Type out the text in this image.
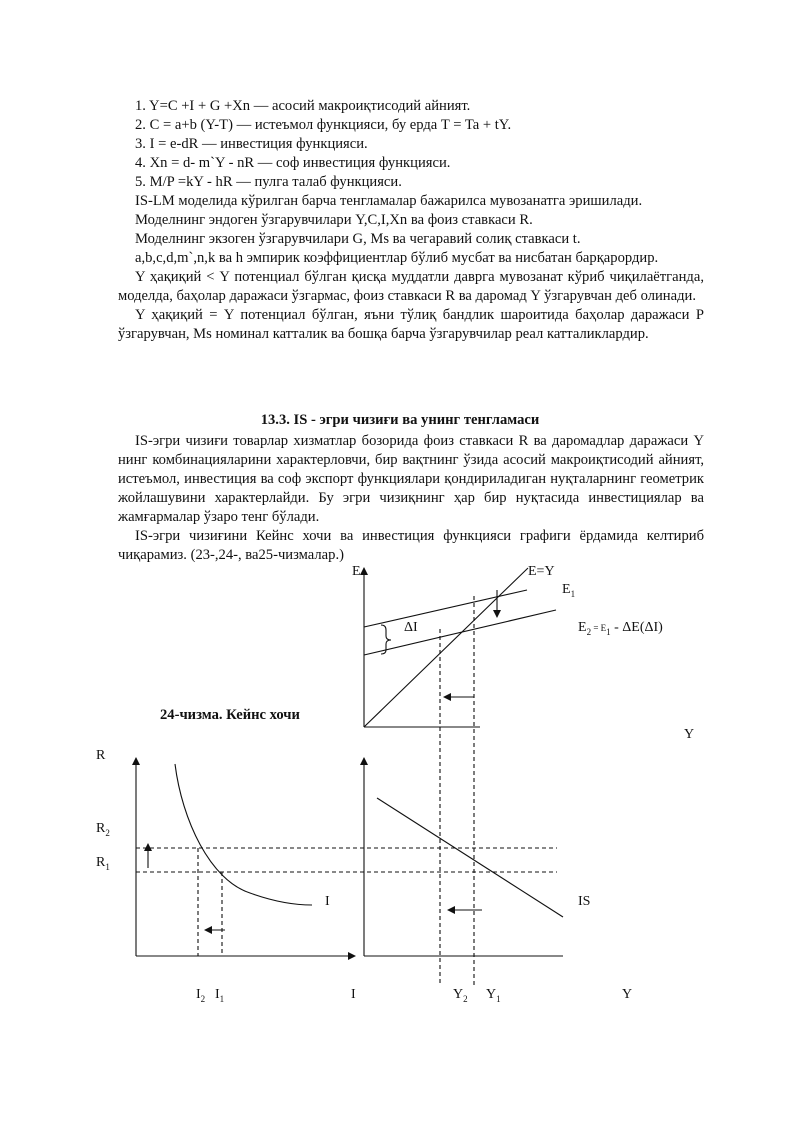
1. Y=C +I + G +Xn — асосий макроиқтисодий айният.

2. C = a+b (Y-T) — истеъмол функцияси, бу ерда T = Ta + tY.

3. I = e-dR — инвестиция функцияси.

4. Xn = d- m`Y - nR — соф инвестиция функцияси.

5. M/P =kY - hR — пулга талаб функцияси.

IS-LM моделида кўрилган барча тенгламалар бажарилса мувозанатга эришилади.

Моделнинг эндоген ўзгарувчилари Y,C,I,Xn ва фоиз ставкаси R.

Моделнинг экзоген ўзгарувчилари G, Ms ва чегаравий солиқ ставкаси t.

a,b,c,d,m`,n,k ва h эмпирик коэффициентлар бўлиб мусбат ва нисбатан барқарордир.

Y ҳақиқий < Y потенциал бўлган қисқа муддатли даврга мувозанат кўриб чиқилаётганда, моделда, баҳолар даражаси ўзгармас, фоиз ставкаси R ва даромад Y ўзгарувчан деб олинади.

Y ҳақиқий = Y потенциал бўлган, яъни тўлиқ бандлик шароитида баҳолар даражаси P ўзгарувчан, Ms номинал катталик ва бошқа барча ўзгарувчилар реал катталиклардир.

13.3. IS - эгри чизиғи ва унинг тенгламаси

IS-эгри чизиғи товарлар хизматлар бозорида фоиз ставкаси R ва даромадлар даражаси Y нинг комбинацияларини характерловчи, бир вақтнинг ўзида асосий макроиқтисодий айният, истеъмол, инвестиция ва соф экспорт функциялари қондириладиган нуқталарнинг геометрик жойлашувини характерлайди. Бу эгри чизиқнинг ҳар бир нуқтасида инвестициялар ва жамғармалар ўзаро тенг бўлади.

IS-эгри чизиғини Кейнс хочи ва инвестиция функцияси графиги ёрдамида келтириб чиқарамиз. (23-,24-, ва25-чизмалар.)

24-чизма. Кейнс хочи
E	E=Y
$E_1$
ΔI	$E_2$ $^{= E}_1$ - ΔE(ΔI)
Y
R
$R_2$
$R_1$
I
$I_2$ $I_1$	I
IS
$Y_2$ $Y_1$	Y
